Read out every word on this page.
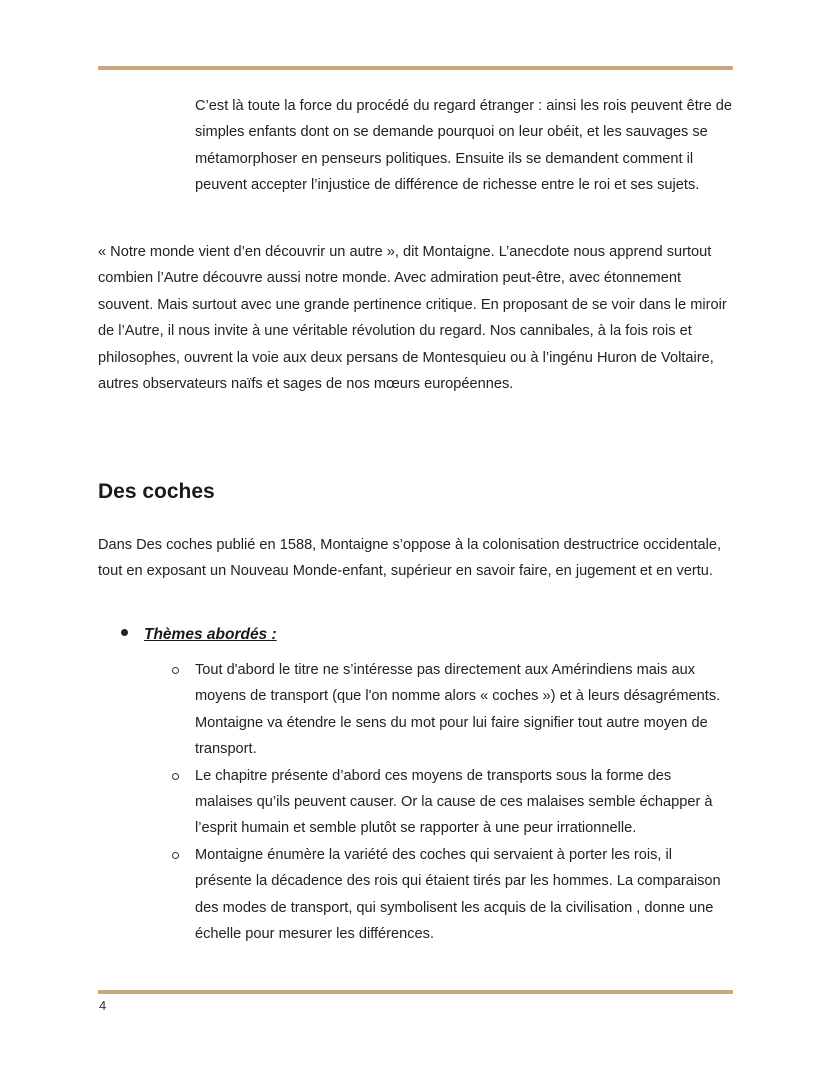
C’est là toute la force du procédé du regard étranger : ainsi les rois peuvent être de simples enfants dont on se demande pourquoi on leur obéit, et les sauvages se métamorphoser en penseurs politiques. Ensuite ils se demandent comment il peuvent accepter l’injustice de différence de richesse entre le roi et ses sujets.

« Notre monde vient d’en découvrir un autre », dit Montaigne. L’anecdote nous apprend surtout combien l’Autre découvre aussi notre monde. Avec admiration peut-être, avec étonnement souvent. Mais surtout avec une grande pertinence critique. En proposant de se voir dans le miroir de l’Autre, il nous invite à une véritable révolution du regard. Nos cannibales, à la fois rois et philosophes, ouvrent la voie aux deux persans de Montesquieu ou à l’ingénu Huron de Voltaire, autres observateurs naïfs et sages de nos mœurs européennes.

Des coches

Dans Des coches publié en 1588, Montaigne s’oppose à la colonisation destructrice occidentale, tout en exposant un Nouveau Monde-enfant, supérieur en savoir faire, en jugement et en vertu.

Thèmes abordés :
Tout d'abord le titre ne s’intéresse pas directement aux Amérindiens mais aux moyens de transport (que l'on nomme alors « coches ») et à leurs désagréments. Montaigne va étendre le sens du mot pour lui faire signifier tout autre moyen de transport.
Le chapitre présente d’abord ces moyens de transports sous la forme des malaises qu’ils peuvent causer. Or la cause de ces malaises semble échapper à l’esprit humain et semble plutôt se rapporter à une peur irrationnelle.
Montaigne énumère la variété des coches qui servaient à porter les rois, il présente la décadence des rois qui étaient tirés par les hommes. La comparaison des modes de transport, qui symbolisent les acquis de la civilisation , donne une échelle pour mesurer les différences.
4
